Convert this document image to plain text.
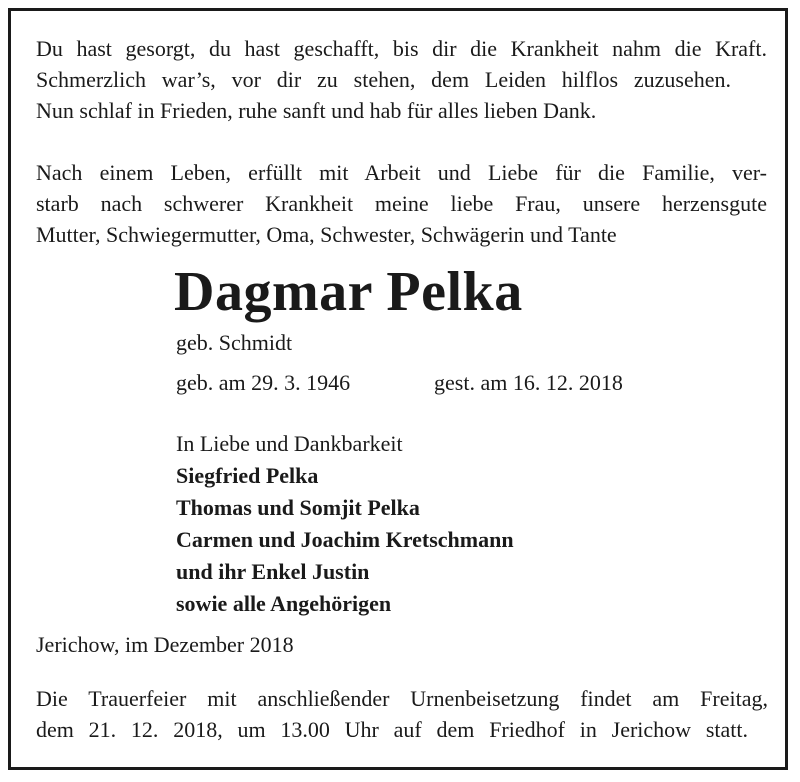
Du hast gesorgt, du hast geschafft, bis dir die Krankheit nahm die Kraft.
Schmerzlich war’s, vor dir zu stehen, dem Leiden hilflos zuzusehen.
Nun schlaf in Frieden, ruhe sanft und hab für alles lieben Dank.
Nach einem Leben, erfüllt mit Arbeit und Liebe für die Familie, ver-
starb nach schwerer Krankheit meine liebe Frau, unsere herzensgute
Mutter, Schwiegermutter, Oma, Schwester, Schwägerin und Tante
Dagmar Pelka
geb. Schmidt
geb. am 29. 3. 1946	gest. am 16. 12. 2018
In Liebe und Dankbarkeit
Siegfried Pelka
Thomas und Somjit Pelka
Carmen und Joachim Kretschmann
und ihr Enkel Justin
sowie alle Angehörigen
Jerichow, im Dezember 2018
Die Trauerfeier mit anschließender Urnenbeisetzung findet am Freitag,
dem 21. 12. 2018, um 13.00 Uhr auf dem Friedhof in Jerichow statt.
